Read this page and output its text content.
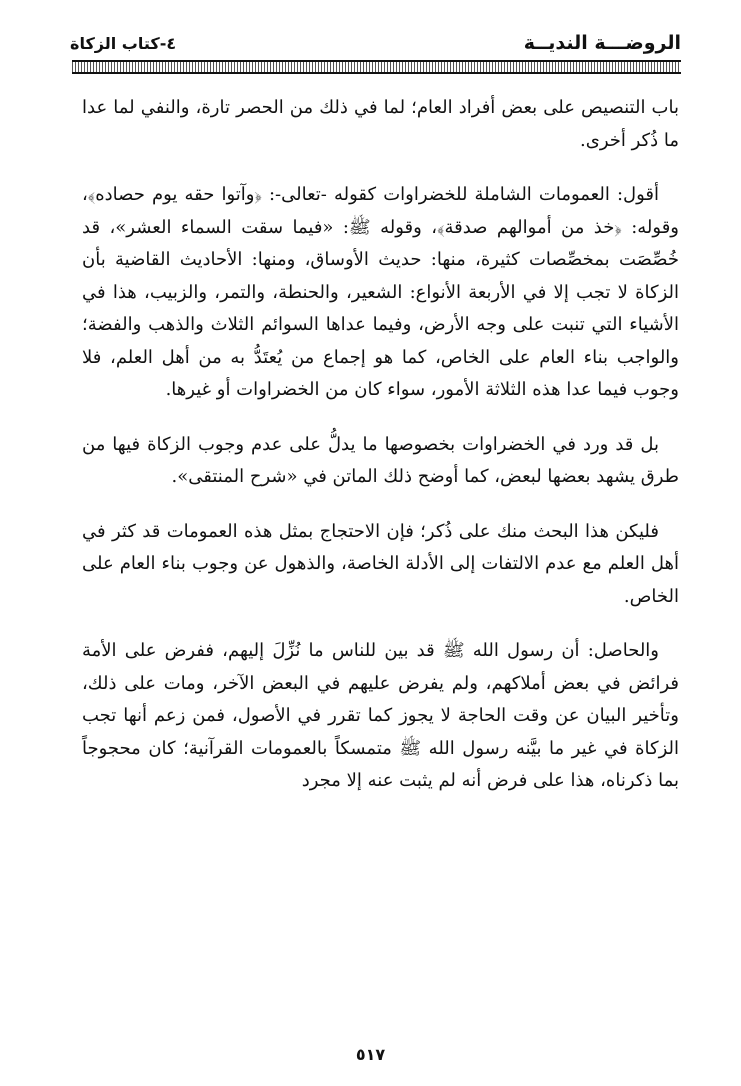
الروضـــة النديــة
٤-كتاب الزكاة

باب التنصيص على بعض أفراد العام؛ لما في ذلك من الحصر تارة، والنفي لما عدا ما ذُكر أخرى.

أقول: العمومات الشاملة للخضراوات كقوله -تعالى-: ﴿وآتوا حقه يوم حصاده﴾، وقوله: ﴿خذ من أموالهم صدقة﴾، وقوله ﷺ: «فيما سقت السماء العشر»، قد خُصِّصَت بمخصِّصات كثيرة، منها: حديث الأوساق، ومنها: الأحاديث القاضية بأن الزكاة لا تجب إلا في الأربعة الأنواع: الشعير، والحنطة، والتمر، والزبيب، هذا في الأشياء التي تنبت على وجه الأرض، وفيما عداها السوائم الثلاث والذهب والفضة؛ والواجب بناء العام على الخاص، كما هو إجماع من يُعتَدُّ به من أهل العلم، فلا وجوب فيما عدا هذه الثلاثة الأمور، سواء كان من الخضراوات أو غيرها.

بل قد ورد في الخضراوات بخصوصها ما يدلُّ على عدم وجوب الزكاة فيها من طرق يشهد بعضها لبعض، كما أوضح ذلك الماتن في «شرح المنتقى».

فليكن هذا البحث منك على ذُكر؛ فإن الاحتجاج بمثل هذه العمومات قد كثر في أهل العلم مع عدم الالتفات إلى الأدلة الخاصة، والذهول عن وجوب بناء العام على الخاص.

والحاصل: أن رسول الله ﷺ قد بين للناس ما نُزِّلَ إليهم، ففرض على الأمة فرائض في بعض أملاكهم، ولم يفرض عليهم في البعض الآخر، ومات على ذلك، وتأخير البيان عن وقت الحاجة لا يجوز كما تقرر في الأصول، فمن زعم أنها تجب الزكاة في غير ما بيَّنه رسول الله ﷺ متمسكاً بالعمومات القرآنية؛ كان محجوجاً بما ذكرناه، هذا على فرض أنه لم يثبت عنه إلا مجرد

٥١٧
